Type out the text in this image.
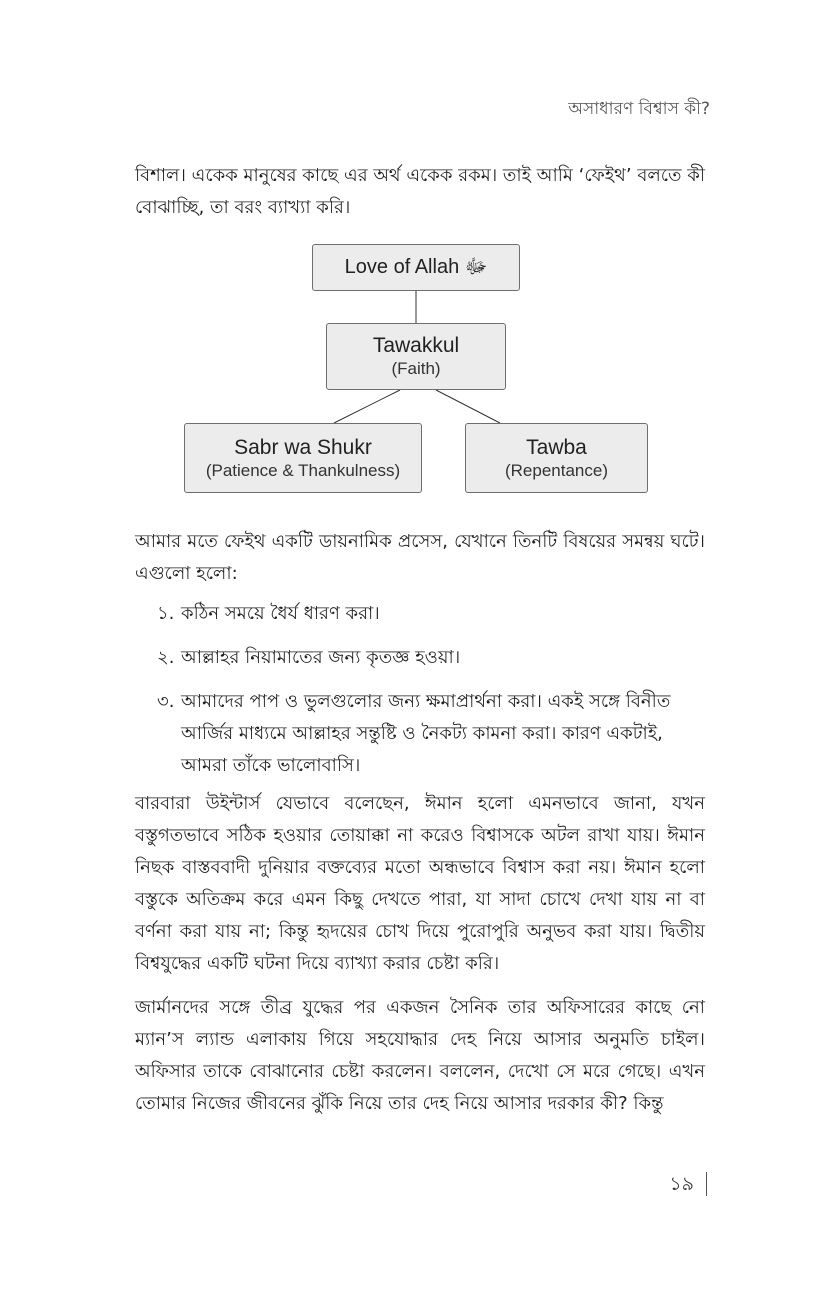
অসাধারণ বিশ্বাস কী?

বিশাল। একেক মানুষের কাছে এর অর্থ একেক রকম। তাই আমি ‘ফেইথ’ বলতে কী বোঝাচ্ছি, তা বরং ব্যাখ্যা করি।

Love of Allah ﷻ
Tawakkul
(Faith)
Sabr wa Shukr
(Patience & Thankulness)
Tawba
(Repentance)

আমার মতে ফেইথ একটি ডায়নামিক প্রসেস, যেখানে তিনটি বিষয়ের সমন্বয় ঘটে। এগুলো হলো:

১. কঠিন সময়ে ধৈর্য ধারণ করা।
২. আল্লাহর নিয়ামাতের জন্য কৃতজ্ঞ হওয়া।
৩. আমাদের পাপ ও ভুলগুলোর জন্য ক্ষমাপ্রার্থনা করা। একই সঙ্গে বিনীত আর্জির মাধ্যমে আল্লাহর সন্তুষ্টি ও নৈকট্য কামনা করা। কারণ একটাই, আমরা তাঁকে ভালোবাসি।

বারবারা উইন্টার্স যেভাবে বলেছেন, ঈমান হলো এমনভাবে জানা, যখন বস্তুগতভাবে সঠিক হওয়ার তোয়াক্কা না করেও বিশ্বাসকে অটল রাখা যায়। ঈমান নিছক বাস্তববাদী দুনিয়ার বক্তব্যের মতো অন্ধভাবে বিশ্বাস করা নয়। ঈমান হলো বস্তুকে অতিক্রম করে এমন কিছু দেখতে পারা, যা সাদা চোখে দেখা যায় না বা বর্ণনা করা যায় না; কিন্তু হৃদয়ের চোখ দিয়ে পুরোপুরি অনুভব করা যায়। দ্বিতীয় বিশ্বযুদ্ধের একটি ঘটনা দিয়ে ব্যাখ্যা করার চেষ্টা করি।

জার্মানদের সঙ্গে তীব্র যুদ্ধের পর একজন সৈনিক তার অফিসারের কাছে নো ম্যান’স ল্যান্ড এলাকায় গিয়ে সহযোদ্ধার দেহ নিয়ে আসার অনুমতি চাইল। অফিসার তাকে বোঝানোর চেষ্টা করলেন। বললেন, দেখো সে মরে গেছে। এখন তোমার নিজের জীবনের ঝুঁকি নিয়ে তার দেহ নিয়ে আসার দরকার কী? কিন্তু

১৯
